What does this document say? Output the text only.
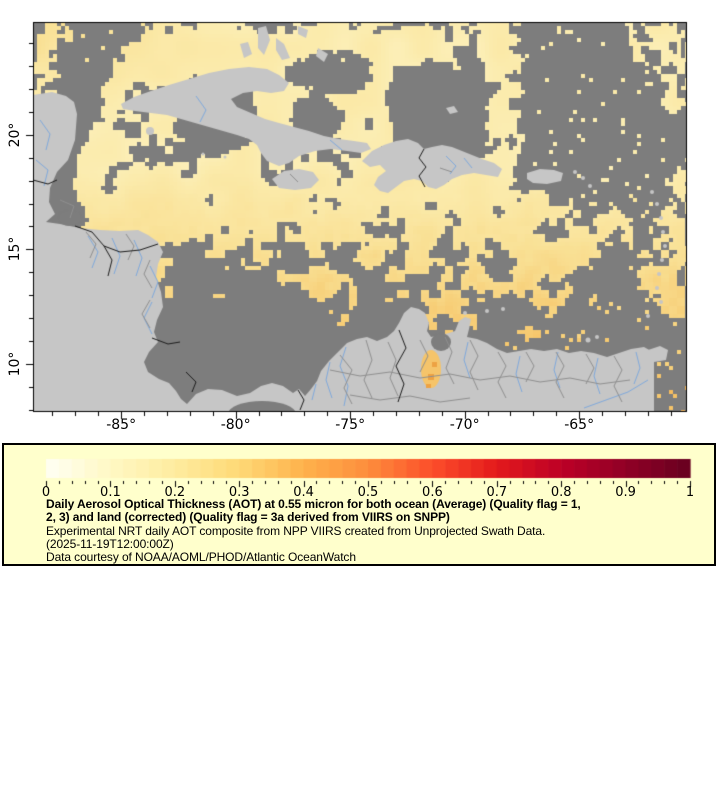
-85°	-80°	-75°	-70°	-65°
20°
15°
10°
0	0.1	0.2	0.3	0.4	0.5	0.6	0.7	0.8	0.9	1
Daily Aerosol Optical Thickness (AOT) at 0.55 micron for both ocean (Average) (Quality flag = 1,
2, 3) and land (corrected) (Quality flag = 3a derived from VIIRS on SNPP)
Experimental NRT daily AOT composite from NPP VIIRS created from Unprojected Swath Data.
(2025-11-19T12:00:00Z)
Data courtesy of NOAA/AOML/PHOD/Atlantic OceanWatch
